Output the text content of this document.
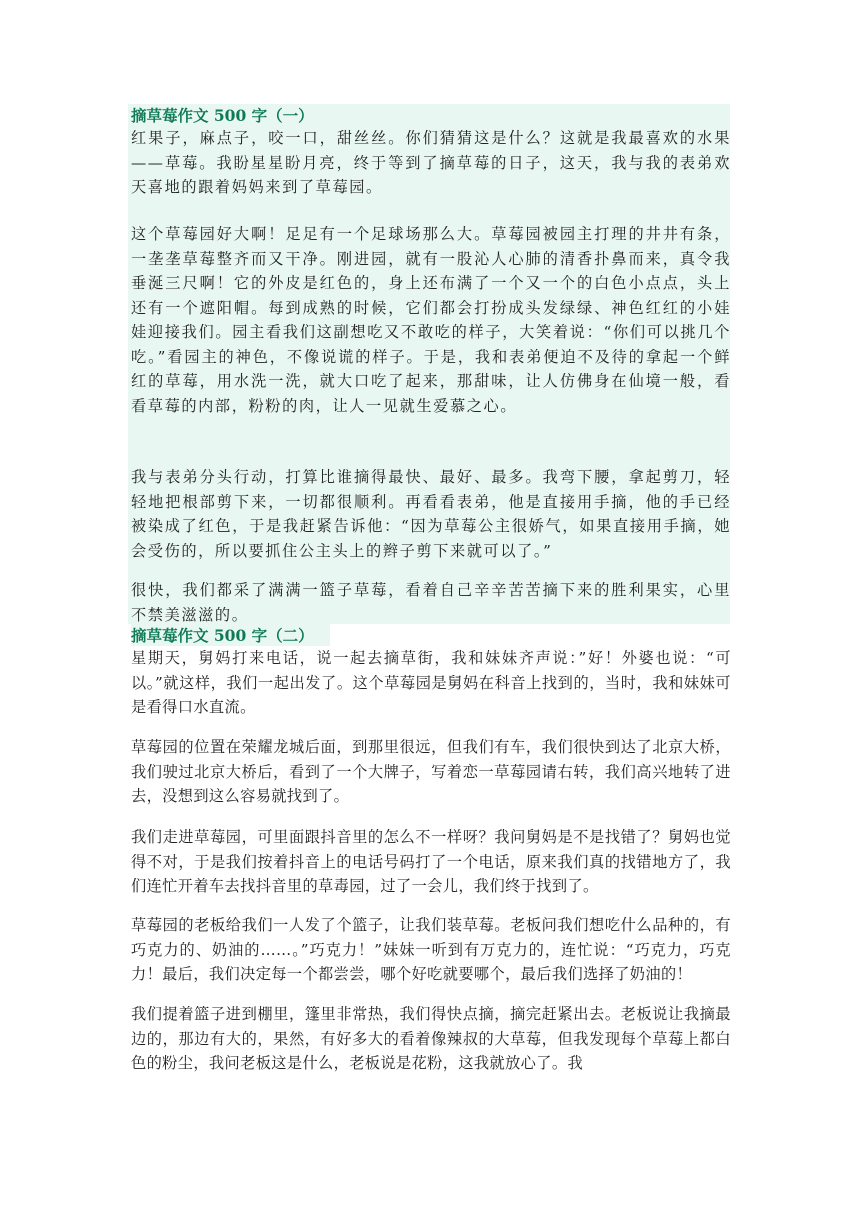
摘草莓作文 500 字（一）

红果子，麻点子，咬一口，甜丝丝。你们猜猜这是什么？这就是我最喜欢的水果——草莓。我盼星星盼月亮，终于等到了摘草莓的日子，这天，我与我的表弟欢天喜地的跟着妈妈来到了草莓园。

这个草莓园好大啊！足足有一个足球场那么大。草莓园被园主打理的井井有条，一垄垄草莓整齐而又干净。刚进园，就有一股沁人心肺的清香扑鼻而来，真令我垂涎三尺啊！它的外皮是红色的，身上还布满了一个又一个的白色小点点，头上还有一个遮阳帽。每到成熟的时候，它们都会打扮成头发绿绿、神色红红的小娃娃迎接我们。园主看我们这副想吃又不敢吃的样子，大笑着说：“你们可以挑几个吃。”看园主的神色，不像说谎的样子。于是，我和表弟便迫不及待的拿起一个鲜红的草莓，用水洗一洗，就大口吃了起来，那甜味，让人仿佛身在仙境一般，看看草莓的内部，粉粉的肉，让人一见就生爱慕之心。

我与表弟分头行动，打算比谁摘得最快、最好、最多。我弯下腰，拿起剪刀，轻轻地把根部剪下来，一切都很顺利。再看看表弟，他是直接用手摘，他的手已经被染成了红色，于是我赶紧告诉他：“因为草莓公主很娇气，如果直接用手摘，她会受伤的，所以要抓住公主头上的辫子剪下来就可以了。”

很快，我们都采了满满一篮子草莓，看着自己辛辛苦苦摘下来的胜利果实，心里不禁美滋滋的。

摘草莓作文 500 字（二）

星期天，舅妈打来电话，说一起去摘草街，我和妹妹齐声说：”好！外婆也说：“可以。”就这样，我们一起出发了。这个草莓园是舅妈在科音上找到的，当时，我和妹妹可是看得口水直流。

草莓园的位置在荣耀龙城后面，到那里很远，但我们有车，我们很快到达了北京大桥，我们驶过北京大桥后，看到了一个大牌子，写着恋一草莓园请右转，我们高兴地转了进去，没想到这么容易就找到了。

我们走进草莓园，可里面跟抖音里的怎么不一样呀？我问舅妈是不是找错了？舅妈也觉得不对，于是我们按着抖音上的电话号码打了一个电话，原来我们真的找错地方了，我们连忙开着车去找抖音里的草毒园，过了一会儿，我们终于找到了。

草莓园的老板给我们一人发了个篮子，让我们装草莓。老板问我们想吃什么品种的，有巧克力的、奶油的……。”巧克力！”妹妹一听到有万克力的，连忙说：“巧克力，巧克力！最后，我们决定每一个都尝尝，哪个好吃就要哪个，最后我们选择了奶油的！

我们提着篮子进到棚里，篷里非常热，我们得快点摘，摘完赶紧出去。老板说让我摘最边的，那边有大的，果然，有好多大的看着像辣叔的大草莓，但我发现每个草莓上都白色的粉尘，我问老板这是什么，老板说是花粉，这我就放心了。我
